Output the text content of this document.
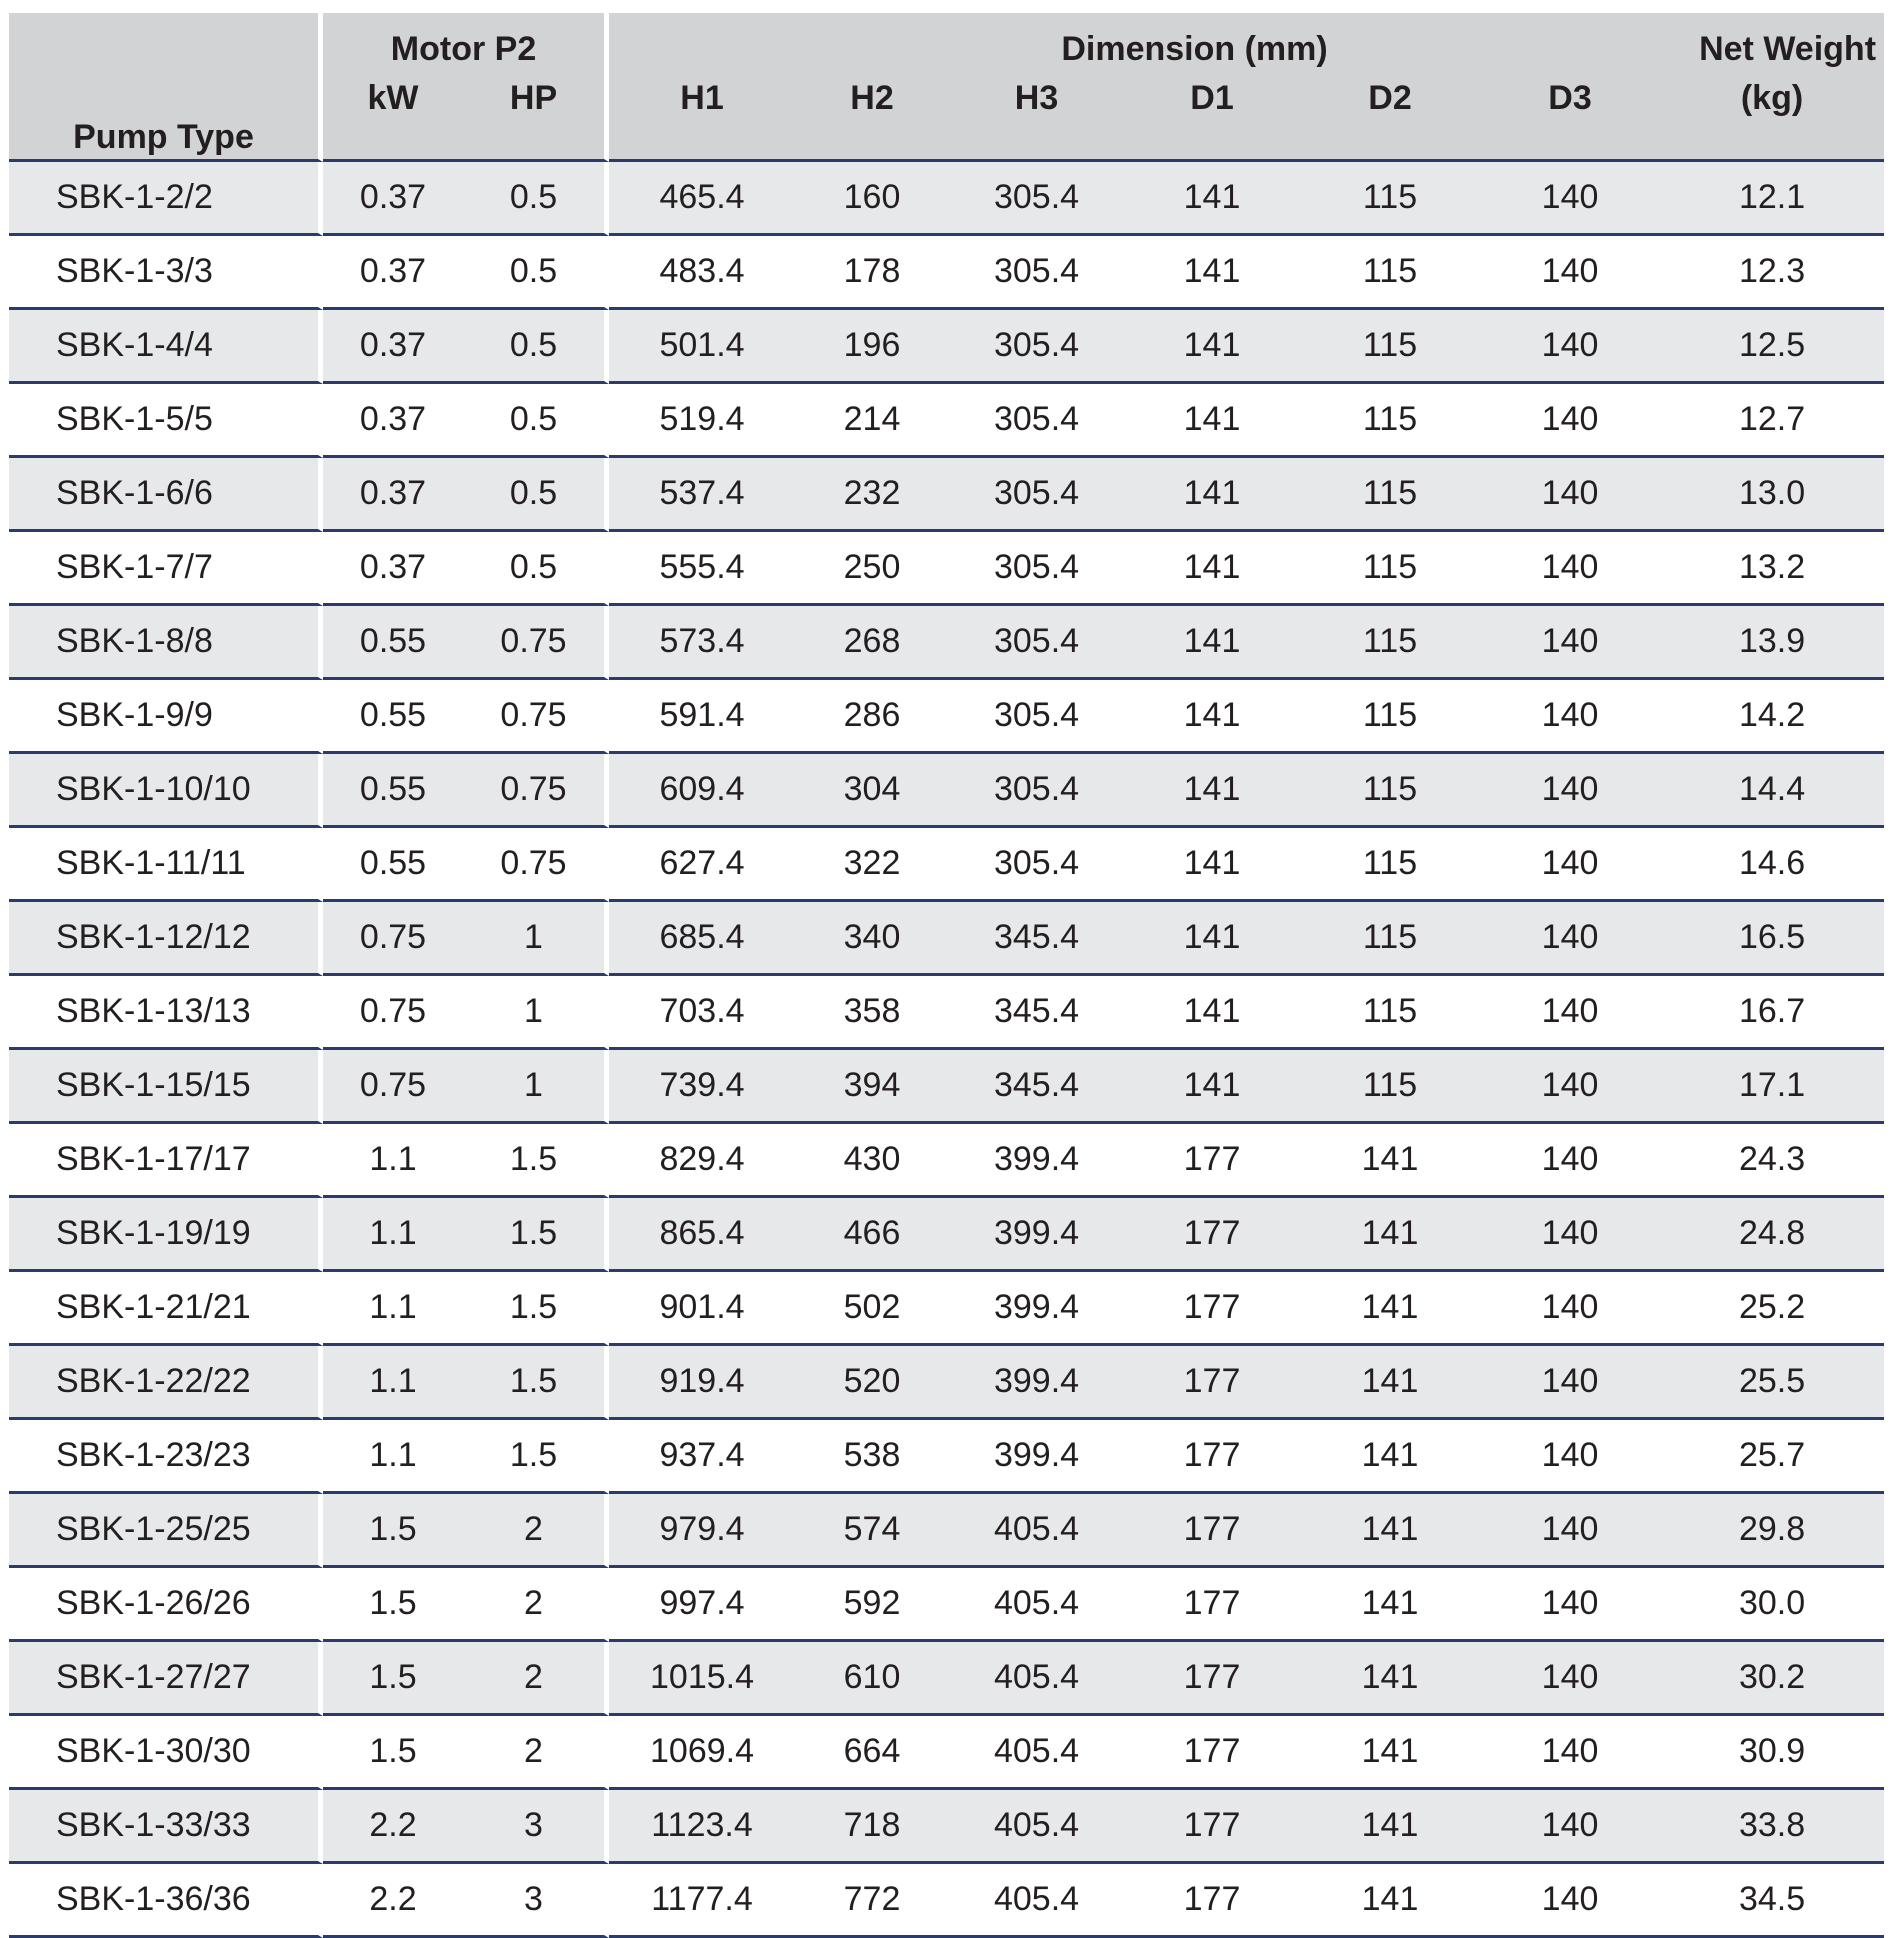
Pump Type	Motor P2		Dimension (mm)						Net Weight
	kW	HP	H1	H2	H3	D1	D2	D3	(kg)
SBK-1-2/2	0.37	0.5	465.4	160	305.4	141	115	140	12.1
SBK-1-3/3	0.37	0.5	483.4	178	305.4	141	115	140	12.3
SBK-1-4/4	0.37	0.5	501.4	196	305.4	141	115	140	12.5
SBK-1-5/5	0.37	0.5	519.4	214	305.4	141	115	140	12.7
SBK-1-6/6	0.37	0.5	537.4	232	305.4	141	115	140	13.0
SBK-1-7/7	0.37	0.5	555.4	250	305.4	141	115	140	13.2
SBK-1-8/8	0.55	0.75	573.4	268	305.4	141	115	140	13.9
SBK-1-9/9	0.55	0.75	591.4	286	305.4	141	115	140	14.2
SBK-1-10/10	0.55	0.75	609.4	304	305.4	141	115	140	14.4
SBK-1-11/11	0.55	0.75	627.4	322	305.4	141	115	140	14.6
SBK-1-12/12	0.75	1	685.4	340	345.4	141	115	140	16.5
SBK-1-13/13	0.75	1	703.4	358	345.4	141	115	140	16.7
SBK-1-15/15	0.75	1	739.4	394	345.4	141	115	140	17.1
SBK-1-17/17	1.1	1.5	829.4	430	399.4	177	141	140	24.3
SBK-1-19/19	1.1	1.5	865.4	466	399.4	177	141	140	24.8
SBK-1-21/21	1.1	1.5	901.4	502	399.4	177	141	140	25.2
SBK-1-22/22	1.1	1.5	919.4	520	399.4	177	141	140	25.5
SBK-1-23/23	1.1	1.5	937.4	538	399.4	177	141	140	25.7
SBK-1-25/25	1.5	2	979.4	574	405.4	177	141	140	29.8
SBK-1-26/26	1.5	2	997.4	592	405.4	177	141	140	30.0
SBK-1-27/27	1.5	2	1015.4	610	405.4	177	141	140	30.2
SBK-1-30/30	1.5	2	1069.4	664	405.4	177	141	140	30.9
SBK-1-33/33	2.2	3	1123.4	718	405.4	177	141	140	33.8
SBK-1-36/36	2.2	3	1177.4	772	405.4	177	141	140	34.5
